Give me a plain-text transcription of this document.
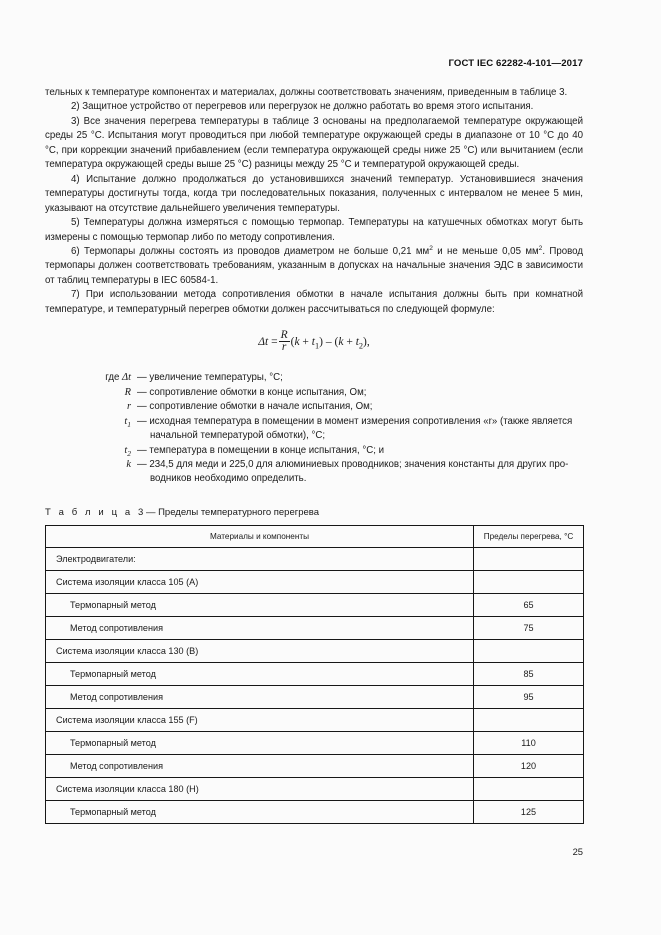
ГОСТ IEC 62282-4-101—2017

тельных к температуре компонентах и материалах, должны соответствовать значениям, приведенным в таблице 3.

2) Защитное устройство от перегревов или перегрузок не должно работать во время этого испытания.

3) Все значения перегрева температуры в таблице 3 основаны на предполагаемой температуре окружающей среды 25 °С. Испытания могут проводиться при любой температуре окружающей среды в диапазоне от 10 °С до 40 °С, при коррекции значений прибавлением (если температура окружающей среды ниже 25 °С) или вычитанием (если температура окружающей среды выше 25 °С) разницы между 25 °С и температурой окружающей среды.

4) Испытание должно продолжаться до установившихся значений температур. Установившиеся значения температуры достигнуты тогда, когда три последовательных показания, полученных с интервалом не менее 5 мин, указывают на отсутствие дальнейшего увеличения температуры.

5) Температуры должна измеряться с помощью термопар. Температуры на катушечных обмотках могут быть измерены с помощью термопар либо по методу сопротивления.

6) Термопары должны состоять из проводов диаметром не больше 0,21 $мм^2$ и не меньше 0,05 $мм^2$. Провод термопары должен соответствовать требованиям, указанным в допусках на начальные значения ЭДС в зависимости от таблиц температуры в IEC 60584-1.

7) При использовании метода сопротивления обмотки в начале испытания должны быть при комнатной температуре, и температурный перегрев обмотки должен рассчитываться по следующей формуле:

$\Delta t = \frac{R}{r} (k + t_1) - (k + t_2)$,
где Δt — увеличение температуры, °С;
R — сопротивление обмотки в конце испытания, Ом;
r — сопротивление обмотки в начале испытания, Ом;
$t_1$ — исходная температура в помещении в момент измерения сопротивления «r» (также является
начальной температурой обмотки), °С;
$t_2$ — температура в помещении в конце испытания, °С; и
k — 234,5 для меди и 225,0 для алюминиевых проводников; значения константы для других про-
водников необходимо определить.
Т а б л и ц а 3 — Пределы температурного перегрева
Материалы и компоненты	Пределы перегрева, °С
Электродвигатели:	
Система изоляции класса 105 (A)	
Термопарный метод	65
Метод сопротивления	75
Система изоляции класса 130 (B)	
Термопарный метод	85
Метод сопротивления	95
Система изоляции класса 155 (F)	
Термопарный метод	110
Метод сопротивления	120
Система изоляции класса 180 (H)	
Термопарный метод	125
25
